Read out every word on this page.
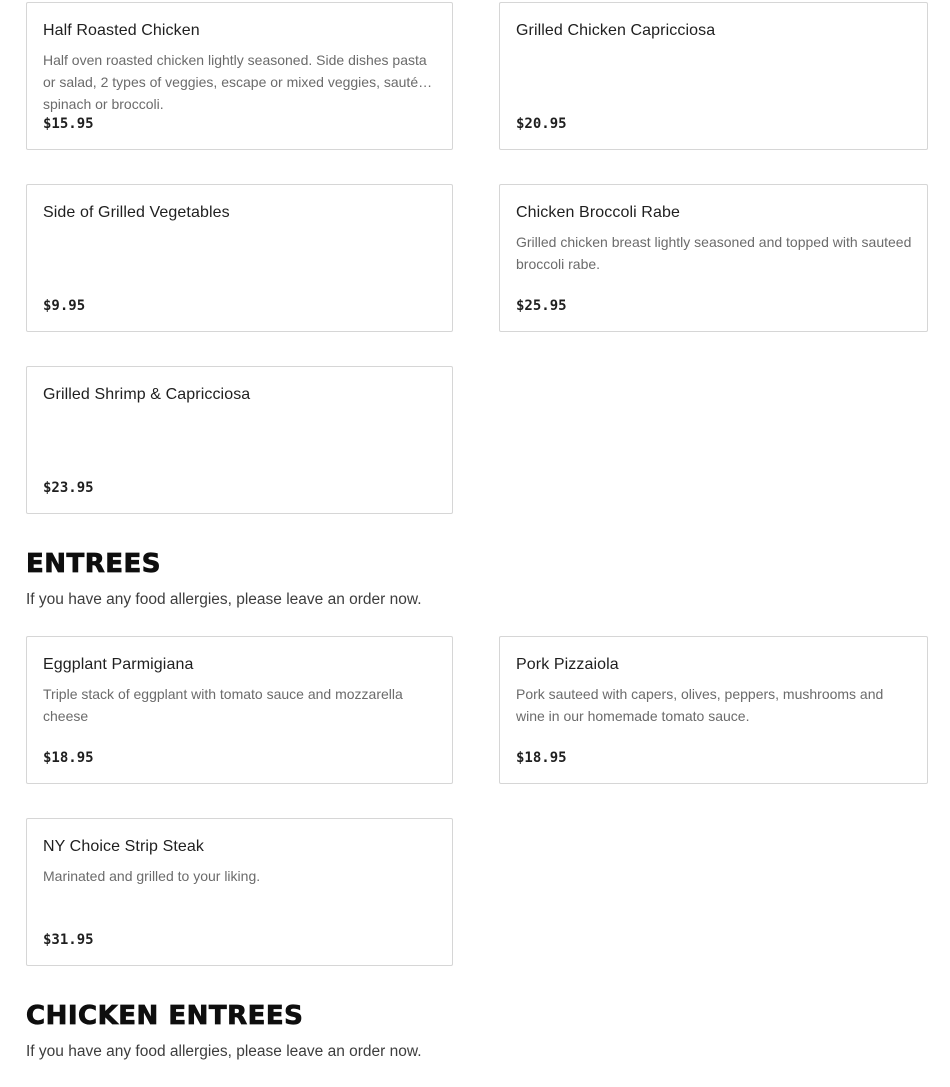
Half Roasted Chicken
Half oven roasted chicken lightly seasoned. Side dishes pasta or salad, 2 types of veggies, escape or mixed veggies, sautéed spinach or broccoli.
$15.95
Grilled Chicken Capricciosa
$20.95
Side of Grilled Vegetables
$9.95
Chicken Broccoli Rabe
Grilled chicken breast lightly seasoned and topped with sauteed broccoli rabe.
$25.95
Grilled Shrimp & Capricciosa
$23.95
ENTREES

If you have any food allergies, please leave an order now.

Eggplant Parmigiana
Triple stack of eggplant with tomato sauce and mozzarella cheese
$18.95
Pork Pizzaiola
Pork sauteed with capers, olives, peppers, mushrooms and wine in our homemade tomato sauce.
$18.95
NY Choice Strip Steak
Marinated and grilled to your liking.
$31.95
CHICKEN ENTREES

If you have any food allergies, please leave an order now.
